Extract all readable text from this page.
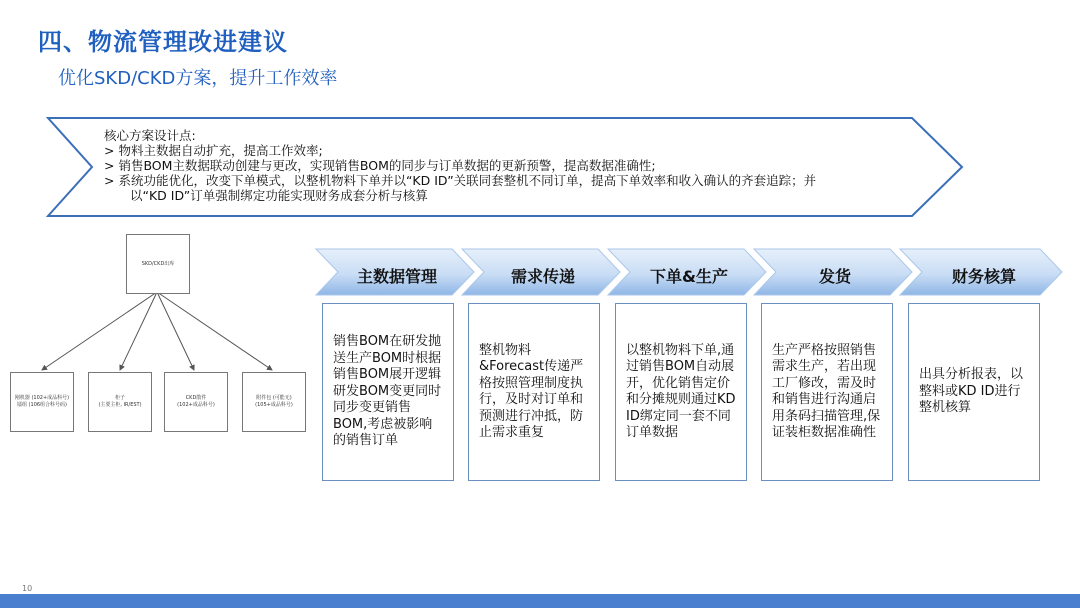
四、物流管理改进建议
优化SKD/CKD方案，提升工作效率
核心方案设计点:
> 物料主数据自动扩充，提高工作效率;
> 销售BOM主数据联动创建与更改，实现销售BOM的同步与订单数据的更新预警，提高数据准确性;
> 系统功能优化，改变下单模式，以整机物料下单并以“KD ID”关联同套整机不同订单，提高下单效率和收入确认的齐套追踪；并
以“KD ID”订单强制绑定功能实现财务成套分析与核算
SKD/CKD出库
刚机器 (102+成品科号)
镭组 (106组合科号码)
柜子
(主要主柜, IR/EST)
CKD散件
(102+成品科号)
附件包 (可能无)
(105+成品科号)
主数据管理	需求传递	下单&生产	发货	财务核算
销售BOM在研发抛送生产BOM时根据销售BOM展开逻辑研发BOM变更同时同步变更销售BOM,考虑被影响的销售订单
整机物料&Forecast传递严格按照管理制度执行，及时对订单和预测进行冲抵，防止需求重复
以整机物料下单,通过销售BOM自动展开，优化销售定价和分摊规则通过KD ID绑定同一套不同订单数据
生产严格按照销售需求生产，若出现工厂修改，需及时和销售进行沟通启用条码扫描管理,保证装柜数据准确性
出具分析报表，以整料或KD ID进行整机核算
10
